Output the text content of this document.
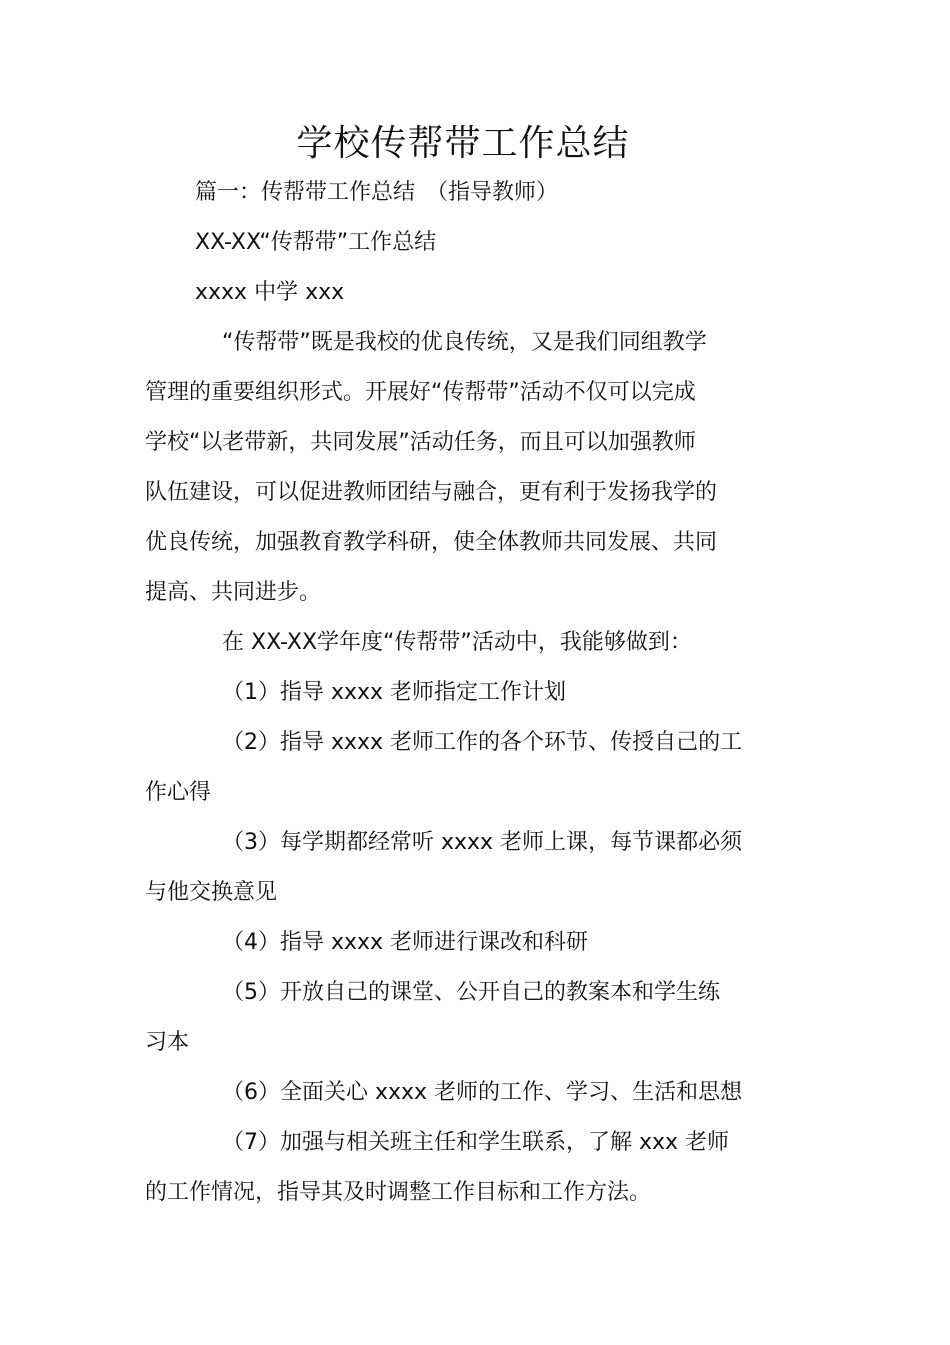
学校传帮带工作总结
篇一：传帮带工作总结　（指导教师）
XX-XX“传帮带”工作总结
xxxx 中学 xxx
“传帮带”既是我校的优良传统，又是我们同组教学
管理的重要组织形式。开展好“传帮带”活动不仅可以完成
学校“以老带新，共同发展”活动任务，而且可以加强教师
队伍建设，可以促进教师团结与融合，更有利于发扬我学的
优良传统，加强教育教学科研，使全体教师共同发展、共同
提高、共同进步。
在 XX-XX学年度“传帮带”活动中，我能够做到：
（1）指导 xxxx 老师指定工作计划
（2）指导 xxxx 老师工作的各个环节、传授自己的工
作心得
（3）每学期都经常听 xxxx 老师上课，每节课都必须
与他交换意见
（4）指导 xxxx 老师进行课改和科研
（5）开放自己的课堂、公开自己的教案本和学生练
习本
（6）全面关心 xxxx 老师的工作、学习、生活和思想
（7）加强与相关班主任和学生联系，了解 xxx 老师
的工作情况，指导其及时调整工作目标和工作方法。
